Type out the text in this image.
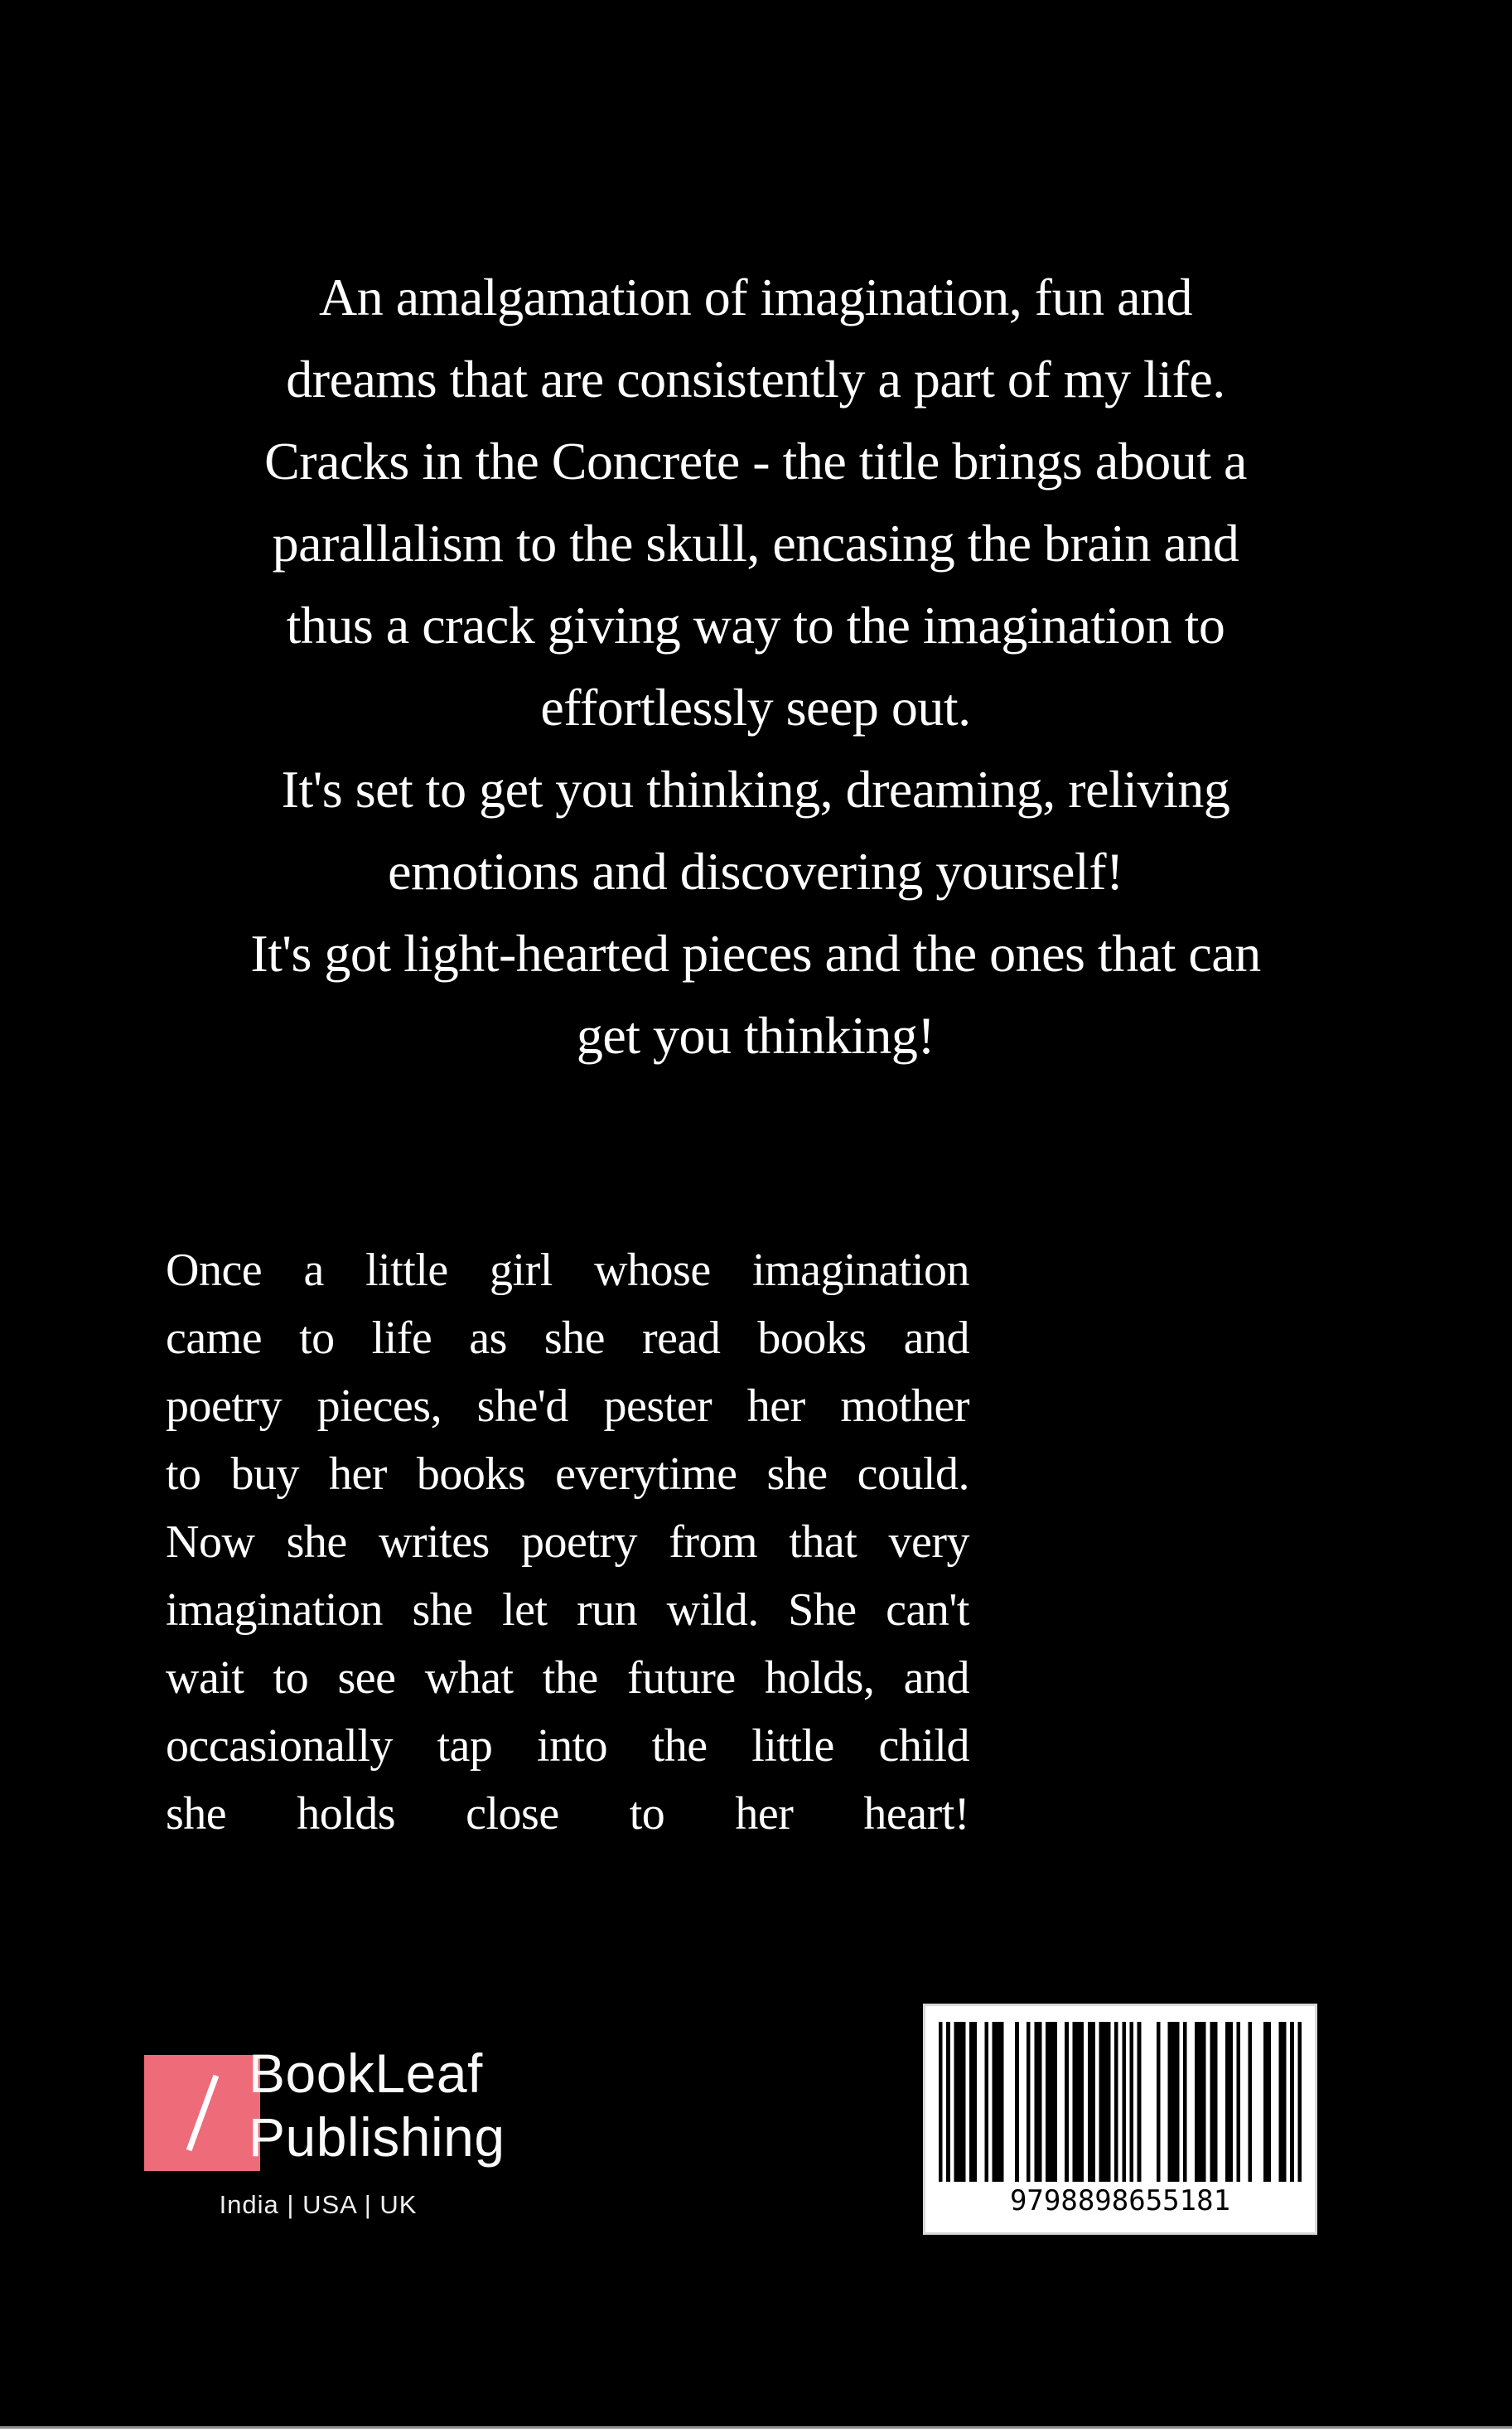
An amalgamation of imagination, fun and
dreams that are consistently a part of my life.
Cracks in the Concrete - the title brings about a
parallalism to the skull, encasing the brain and
thus a crack giving way to the imagination to
effortlessly seep out.
It's set to get you thinking, dreaming, reliving
emotions and discovering yourself!
It's got light-hearted pieces and the ones that can
get you thinking!
Once a little girl whose imagination
came to life as she read books and
poetry pieces, she'd pester her mother
to buy her books everytime she could.
Now she writes poetry from that very
imagination she let run wild. She can't
wait to see what the future holds, and
occasionally tap into the little child
she holds close to her heart!
BookLeaf
Publishing
India | USA | UK	9798898655181
